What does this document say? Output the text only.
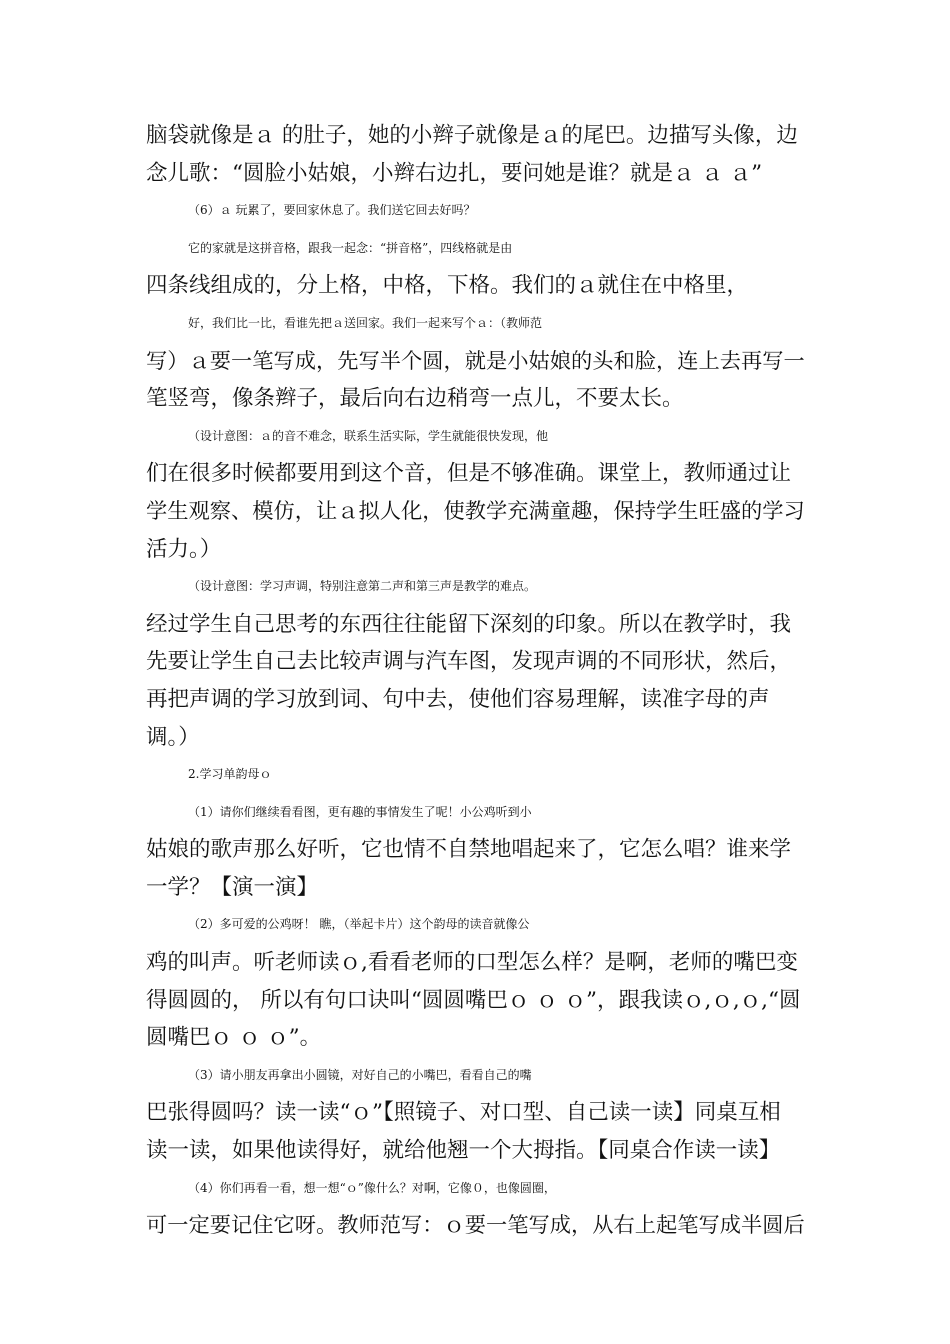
脑袋就像是ａ 的肚子，她的小辫子就像是ａ的尾巴。边描写头像，边

念儿歌：“圆脸小姑娘，小辫右边扎，要问她是谁？就是ａ ａ ａ”

（6）ａ 玩累了，要回家休息了。我们送它回去好吗？

它的家就是这拼音格，跟我一起念：“拼音格”，四线格就是由

四条线组成的，分上格，中格，下格。我们的ａ就住在中格里，

好，我们比一比，看谁先把ａ送回家。我们一起来写个ａ：（教师范

写）ａ要一笔写成，先写半个圆，就是小姑娘的头和脸，连上去再写一

笔竖弯，像条辫子，最后向右边稍弯一点儿，不要太长。

（设计意图：ａ的音不难念，联系生活实际，学生就能很快发现，他

们在很多时候都要用到这个音，但是不够准确。课堂上，教师通过让

学生观察、模仿，让ａ拟人化，使教学充满童趣，保持学生旺盛的学习

活力。）

（设计意图：学习声调，特别注意第二声和第三声是教学的难点。

经过学生自己思考的东西往往能留下深刻的印象。所以在教学时，我

先要让学生自己去比较声调与汽车图，发现声调的不同形状，然后，

再把声调的学习放到词、句中去，使他们容易理解，读准字母的声

调。）

2.学习单韵母ｏ

（1）请你们继续看看图，更有趣的事情发生了呢！小公鸡听到小

姑娘的歌声那么好听，它也情不自禁地唱起来了，它怎么唱？谁来学

一学？【演一演】

（2）多可爱的公鸡呀！ 瞧，（举起卡片）这个韵母的读音就像公

鸡的叫声。听老师读ｏ,看看老师的口型怎么样？是啊，老师的嘴巴变

得圆圆的， 所以有句口诀叫“圆圆嘴巴ｏ ｏ ｏ”，跟我读ｏ,ｏ,ｏ,“圆

圆嘴巴ｏ ｏ ｏ”。

（3）请小朋友再拿出小圆镜，对好自己的小嘴巴，看看自己的嘴

巴张得圆吗？读一读“ｏ”【照镜子、对口型、自己读一读】同桌互相

读一读，如果他读得好，就给他翘一个大拇指。【同桌合作读一读】

（4）你们再看一看，想一想“ｏ”像什么？对啊，它像０，也像圆圈，

可一定要记住它呀。教师范写：ｏ要一笔写成，从右上起笔写成半圆后
